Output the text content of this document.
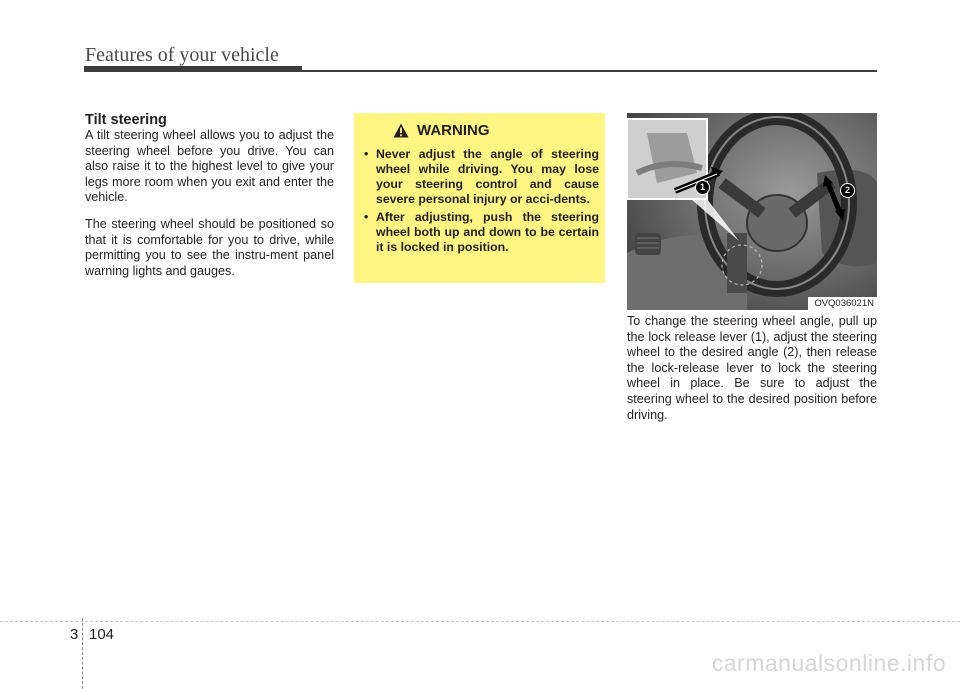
Features of your vehicle

Tilt steering

A tilt steering wheel allows you to adjust the steering wheel before you drive. You can also raise it to the highest level to give your legs more room when you exit and enter the vehicle.

The steering wheel should be positioned so that it is comfortable for you to drive, while permitting you to see the instru-ment panel warning lights and gauges.

WARNING
• Never adjust the angle of steering wheel while driving. You may lose your steering control and cause severe personal injury or acci-dents.
• After adjusting, push the steering wheel both up and down to be certain it is locked in position.
1	2
OVQ036021N

To change the steering wheel angle, pull up the lock release lever (1), adjust the steering wheel to the desired angle (2), then release the lock-release lever to lock the steering wheel in place. Be sure to adjust the steering wheel to the desired position before driving.

3 104
carmanualsonline.info
